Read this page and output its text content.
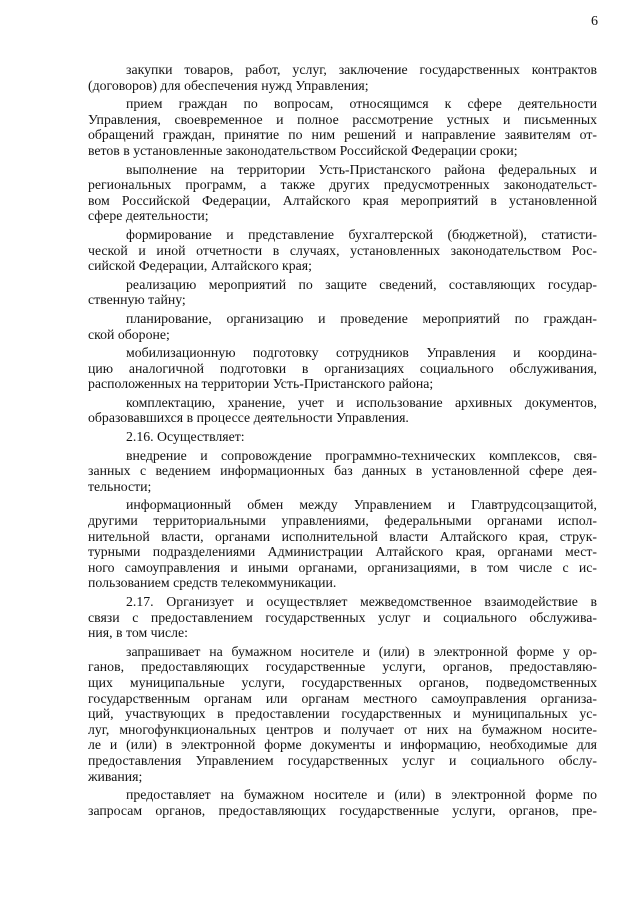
6
закупки товаров, работ, услуг, заключение государственных контрактов
(договоров) для обеспечения нужд Управления;
прием граждан по вопросам, относящимся к сфере деятельности
Управления, своевременное и полное рассмотрение устных и письменных
обращений граждан, принятие по ним решений и направление заявителям от-
ветов в установленные законодательством Российской Федерации сроки;
выполнение на территории Усть-Пристанского района федеральных и
региональных программ, а также других предусмотренных законодательст-
вом Российской Федерации, Алтайского края мероприятий в установленной
сфере деятельности;
формирование и представление бухгалтерской (бюджетной), статисти-
ческой и иной отчетности в случаях, установленных законодательством Рос-
сийской Федерации, Алтайского края;
реализацию мероприятий по защите сведений, составляющих государ-
ственную тайну;
планирование, организацию и проведение мероприятий по граждан-
ской обороне;
мобилизационную подготовку сотрудников Управления и координа-
цию аналогичной подготовки в организациях социального обслуживания,
расположенных на территории Усть-Пристанского района;
комплектацию, хранение, учет и использование архивных документов,
образовавшихся в процессе деятельности Управления.
2.16. Осуществляет:
внедрение и сопровождение программно-технических комплексов, свя-
занных с ведением информационных баз данных в установленной сфере дея-
тельности;
информационный обмен между Управлением и Главтрудсоцзащитой,
другими территориальными управлениями, федеральными органами испол-
нительной власти, органами исполнительной власти Алтайского края, струк-
турными подразделениями Администрации Алтайского края, органами мест-
ного самоуправления и иными органами, организациями, в том числе с ис-
пользованием средств телекоммуникации.
2.17. Организует и осуществляет межведомственное взаимодействие в
связи с предоставлением государственных услуг и социального обслужива-
ния, в том числе:
запрашивает на бумажном носителе и (или) в электронной форме у ор-
ганов, предоставляющих государственные услуги, органов, предоставляю-
щих муниципальные услуги, государственных органов, подведомственных
государственным органам или органам местного самоуправления организа-
ций, участвующих в предоставлении государственных и муниципальных ус-
луг, многофункциональных центров и получает от них на бумажном носите-
ле и (или) в электронной форме документы и информацию, необходимые для
предоставления Управлением государственных услуг и социального обслу-
живания;
предоставляет на бумажном носителе и (или) в электронной форме по
запросам органов, предоставляющих государственные услуги, органов, пре-
